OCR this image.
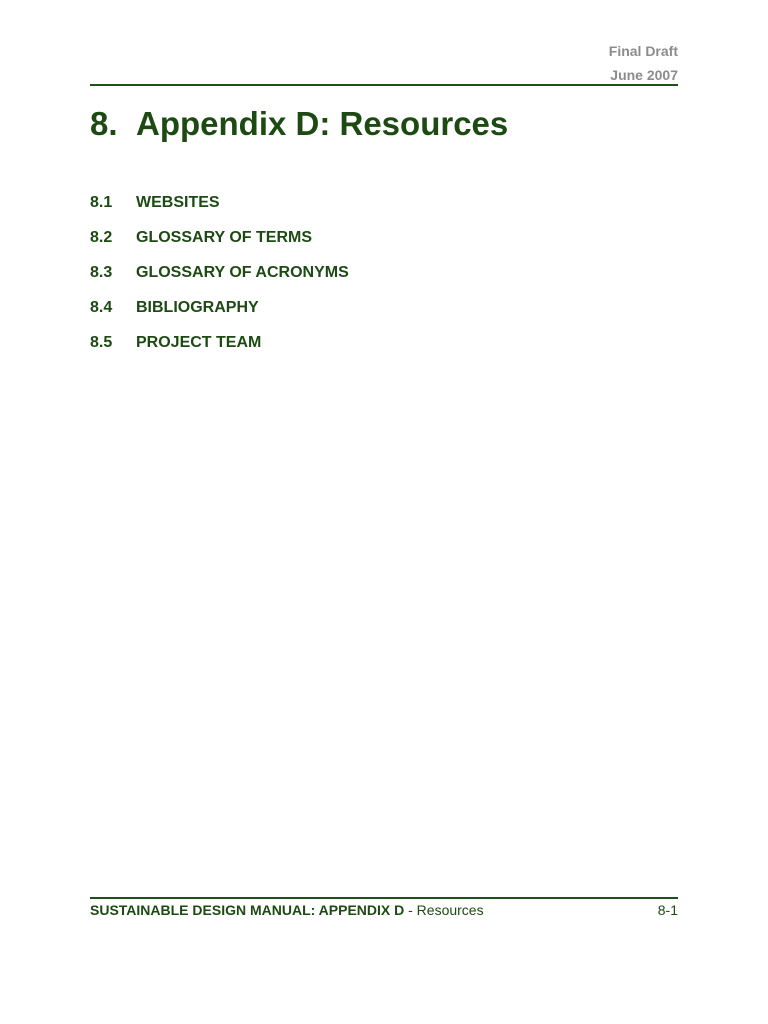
Final Draft
June 2007
8. Appendix D: Resources
8.1 WEBSITES
8.2 GLOSSARY OF TERMS
8.3 GLOSSARY OF ACRONYMS
8.4 BIBLIOGRAPHY
8.5 PROJECT TEAM
SUSTAINABLE DESIGN MANUAL: APPENDIX D - Resources	8-1
